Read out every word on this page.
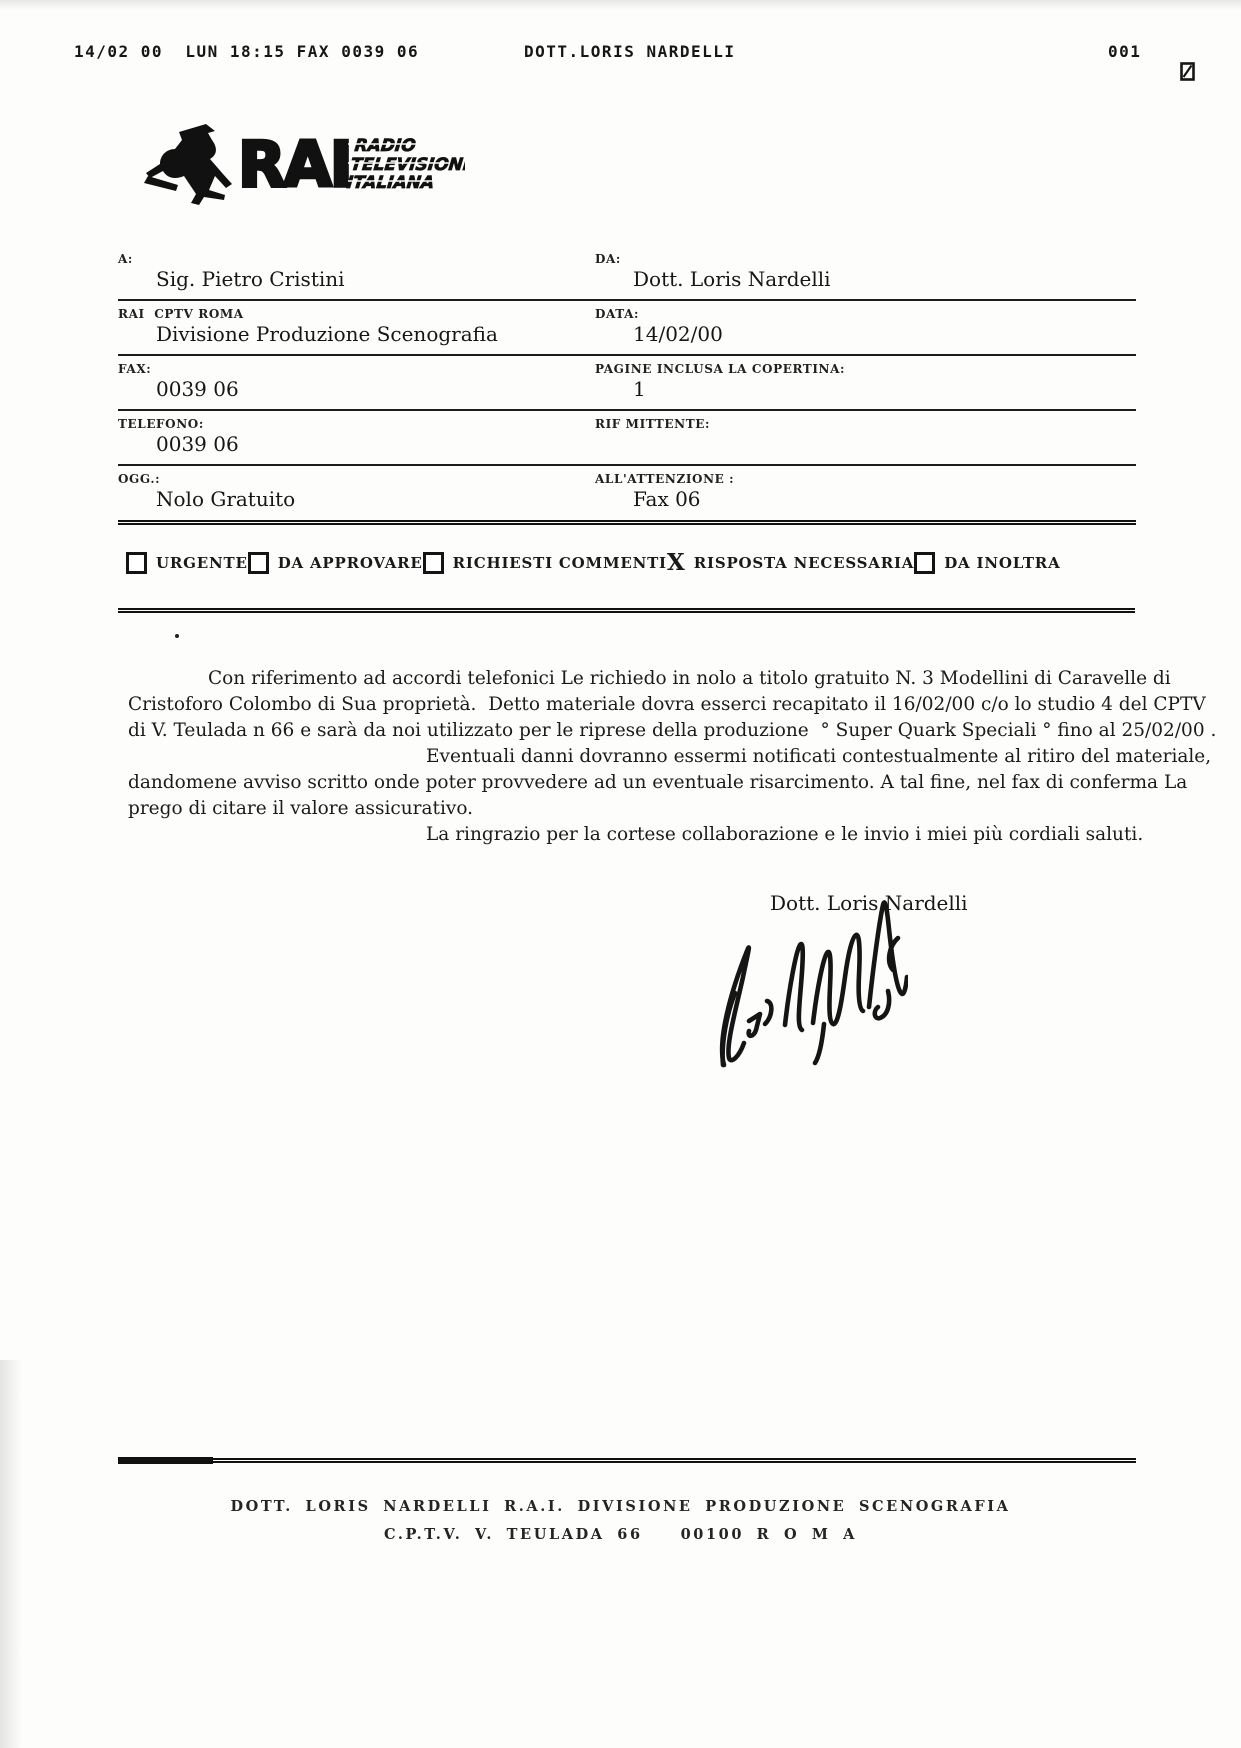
14/02 00  LUN 18:15 FAX 0039 06

	DOTT.LORIS NARDELLI

	001

RAI RADIO
TELEVISIONE
ITALIANA
A:
Sig. Pietro Cristini
DA:
Dott. Loris Nardelli
RAI  CPTV ROMA
Divisione Produzione Scenografia
DATA:
14/02/00
FAX:
0039 06
PAGINE INCLUSA LA COPERTINA:
1
TELEFONO:
0039 06
RIF MITTENTE:
OGG.:
Nolo Gratuito
ALL'ATTENZIONE :
Fax 06
URGENTE DA APPROVARE RICHIESTI COMMENTI X RISPOSTA NECESSARIA DA INOLTRA
Con riferimento ad accordi telefonici Le richiedo in nolo a titolo gratuito N. 3 Modellini di Caravelle di
Cristoforo Colombo di Sua proprietà.  Detto materiale dovra esserci recapitato il 16/02/00 c/o lo studio 4 del CPTV
di V. Teulada n 66 e sarà da noi utilizzato per le riprese della produzione  ° Super Quark Speciali ° fino al 25/02/00 .
Eventuali danni dovranno essermi notificati contestualmente al ritiro del materiale,
dandomene avviso scritto onde poter provvedere ad un eventuale risarcimento. A tal fine, nel fax di conferma La
prego di citare il valore assicurativo.
La ringrazio per la cortese collaborazione e le invio i miei più cordiali saluti.
Dott. Loris Nardelli
DOTT. LORIS NARDELLI R.A.I. DIVISIONE PRODUZIONE SCENOGRAFIA
C.P.T.V. V. TEULADA 66   00100 R O M A
